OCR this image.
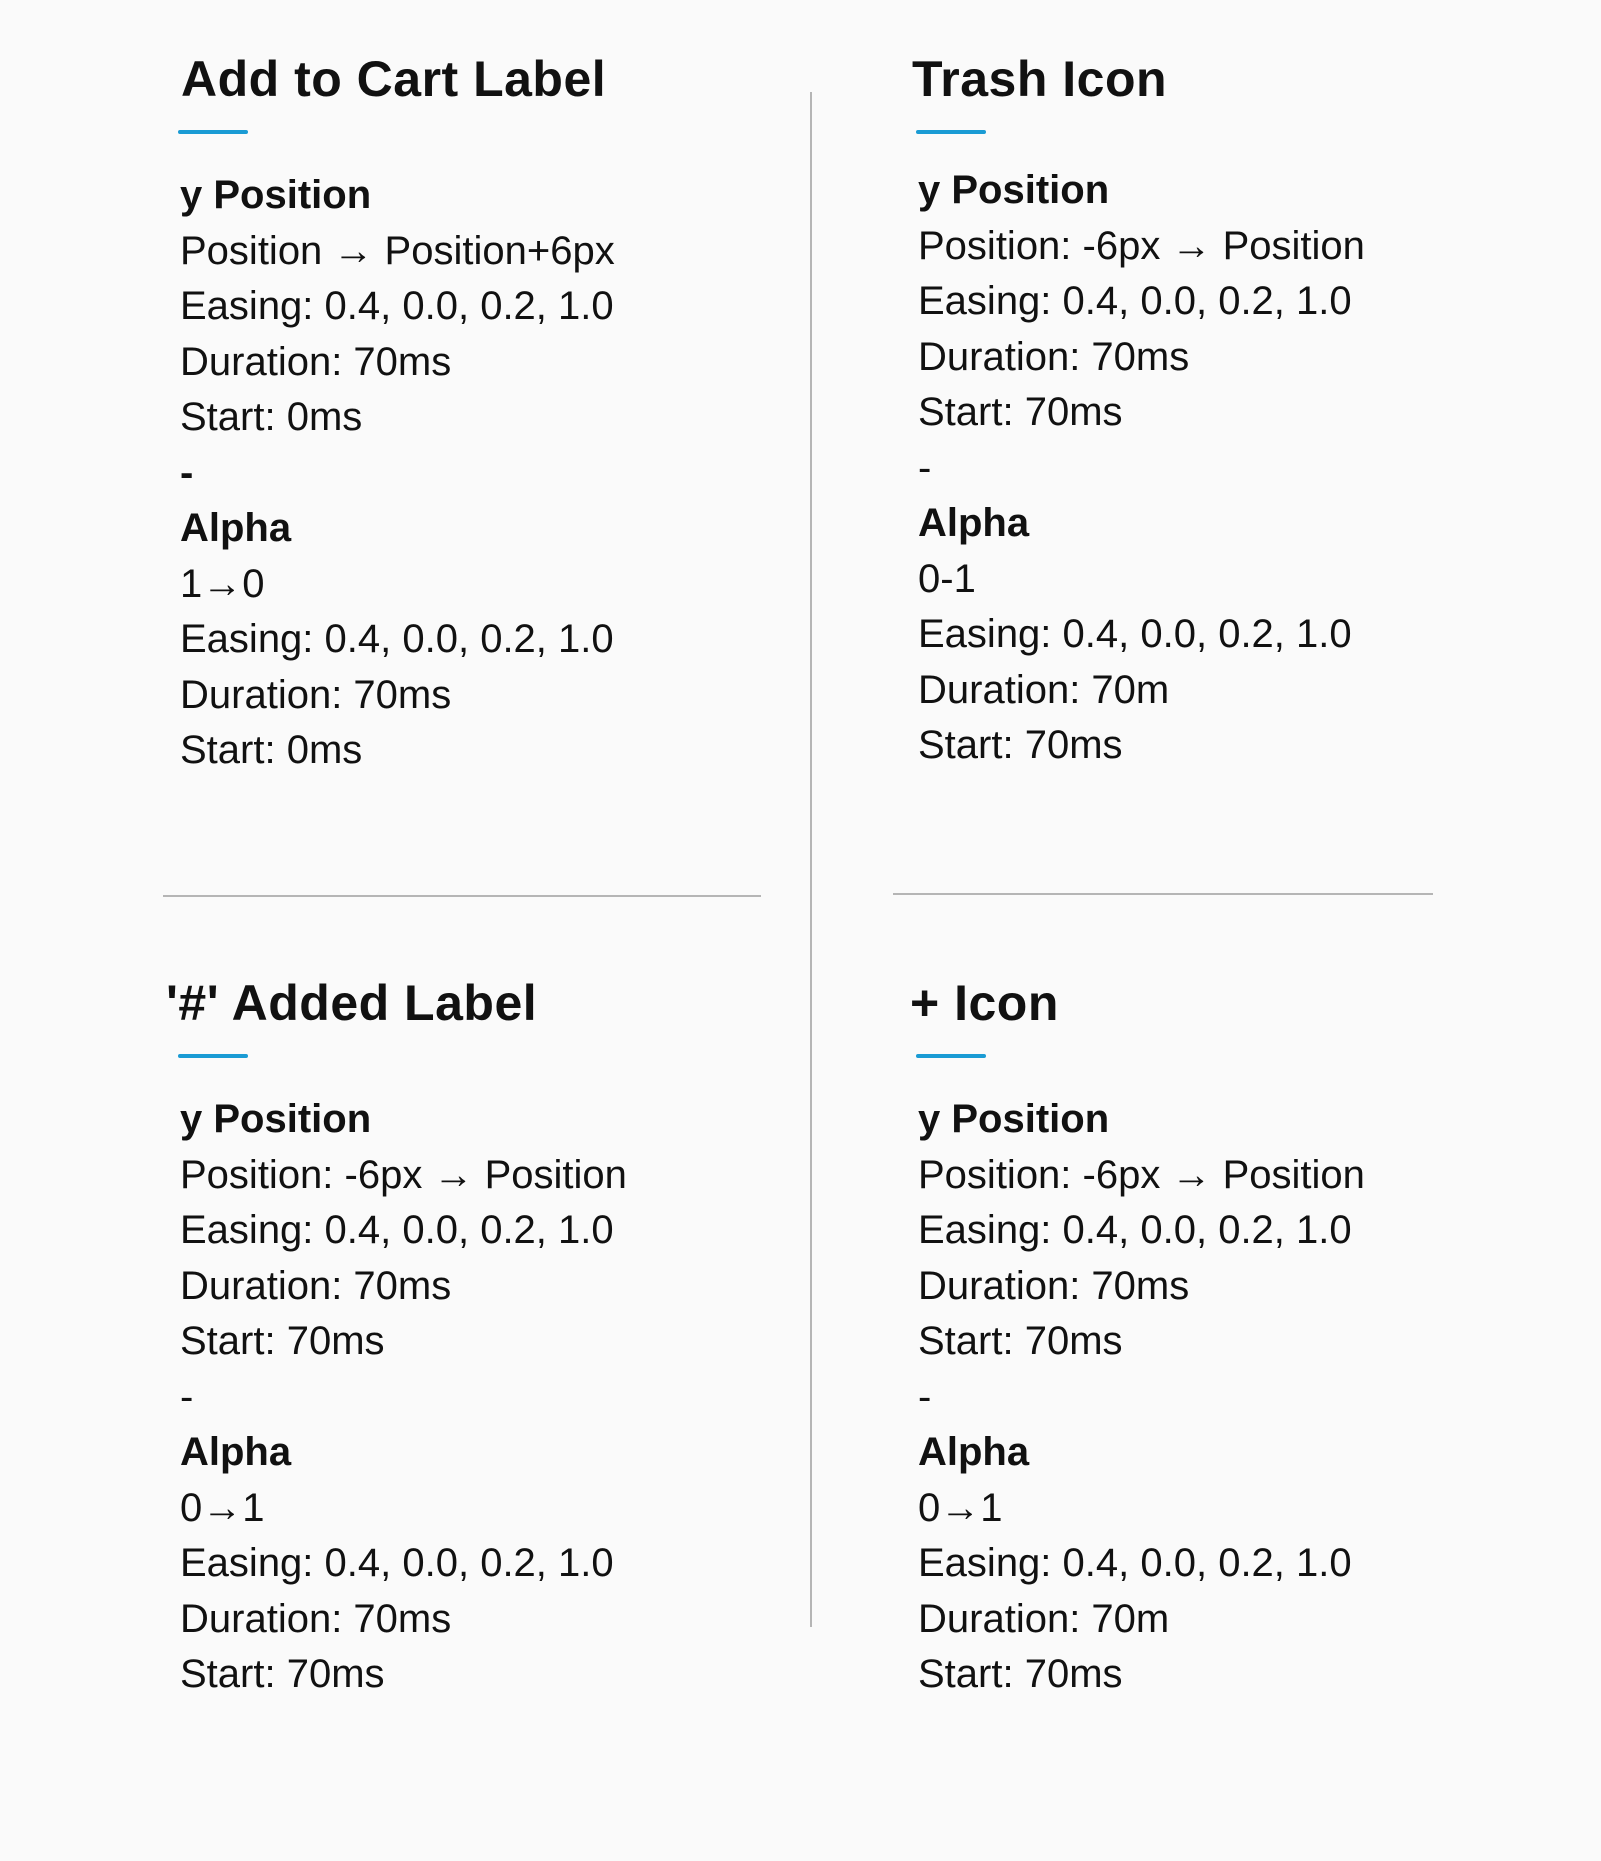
Add to Cart Label
y Position
Position → Position+6px
Easing: 0.4, 0.0, 0.2, 1.0
Duration: 70ms
Start: 0ms
-
Alpha
1→0
Easing: 0.4, 0.0, 0.2, 1.0
Duration: 70ms
Start: 0ms
Trash Icon
y Position
Position: -6px → Position
Easing: 0.4, 0.0, 0.2, 1.0
Duration: 70ms
Start: 70ms
-
Alpha
0-1
Easing: 0.4, 0.0, 0.2, 1.0
Duration: 70m
Start: 70ms
'#' Added Label
y Position
Position: -6px → Position
Easing: 0.4, 0.0, 0.2, 1.0
Duration: 70ms
Start: 70ms
-
Alpha
0→1
Easing: 0.4, 0.0, 0.2, 1.0
Duration: 70ms
Start: 70ms
+ Icon
y Position
Position: -6px → Position
Easing: 0.4, 0.0, 0.2, 1.0
Duration: 70ms
Start: 70ms
-
Alpha
0→1
Easing: 0.4, 0.0, 0.2, 1.0
Duration: 70m
Start: 70ms
